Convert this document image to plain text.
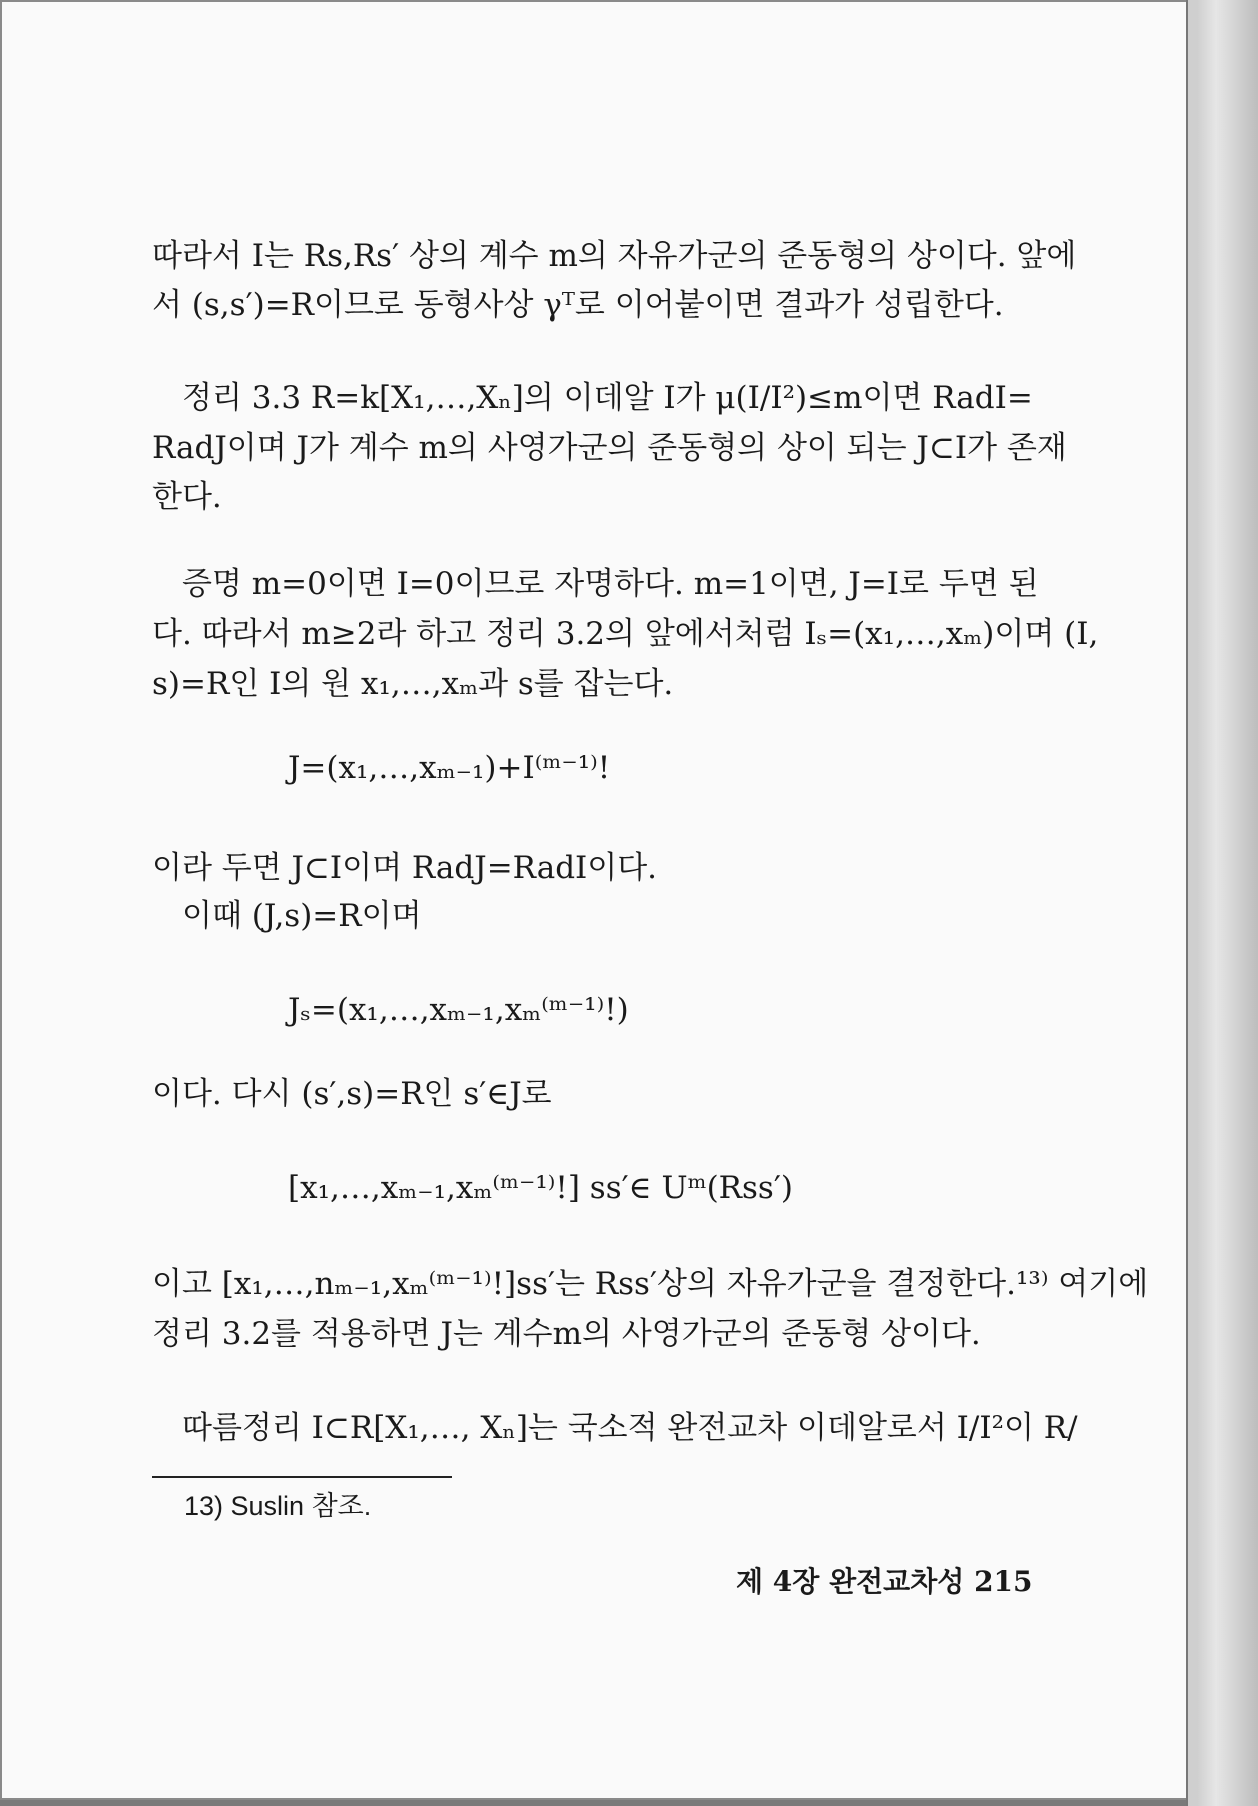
따라서 I는 Rs,Rs′ 상의 계수 m의 자유가군의 준동형의 상이다. 앞에

서 (s,s′)=R이므로 동형사상 γᵀ로 이어붙이면 결과가 성립한다.

정리 3.3 R=k[X₁,…,Xₙ]의 이데알 I가 μ(I/I²)≤m이면 RadI=

RadJ이며 J가 계수 m의 사영가군의 준동형의 상이 되는 J⊂I가 존재

한다.

증명 m=0이면 I=0이므로 자명하다. m=1이면, J=I로 두면 된

다. 따라서 m≥2라 하고 정리 3.2의 앞에서처럼 Iₛ=(x₁,…,xₘ)이며 (I,

s)=R인 I의 원 x₁,…,xₘ과 s를 잡는다.

J=(x₁,…,xₘ₋₁)+I⁽ᵐ⁻¹⁾!

이라 두면 J⊂I이며 RadJ=RadI이다.

이때 (J,s)=R이며

Jₛ=(x₁,…,xₘ₋₁,xₘ⁽ᵐ⁻¹⁾!)

이다. 다시 (s′,s)=R인 s′∈J로

[x₁,…,xₘ₋₁,xₘ⁽ᵐ⁻¹⁾!] ss′∈ Uᵐ(Rss′)

이고 [x₁,…,nₘ₋₁,xₘ⁽ᵐ⁻¹⁾!]ss′는 Rss′상의 자유가군을 결정한다.¹³⁾ 여기에

정리 3.2를 적용하면 J는 계수m의 사영가군의 준동형 상이다.

따름정리 I⊂R[X₁,…, Xₙ]는 국소적 완전교차 이데알로서 I/I²이 R/

13) Suslin 참조.
제 4장 완전교차성 215
